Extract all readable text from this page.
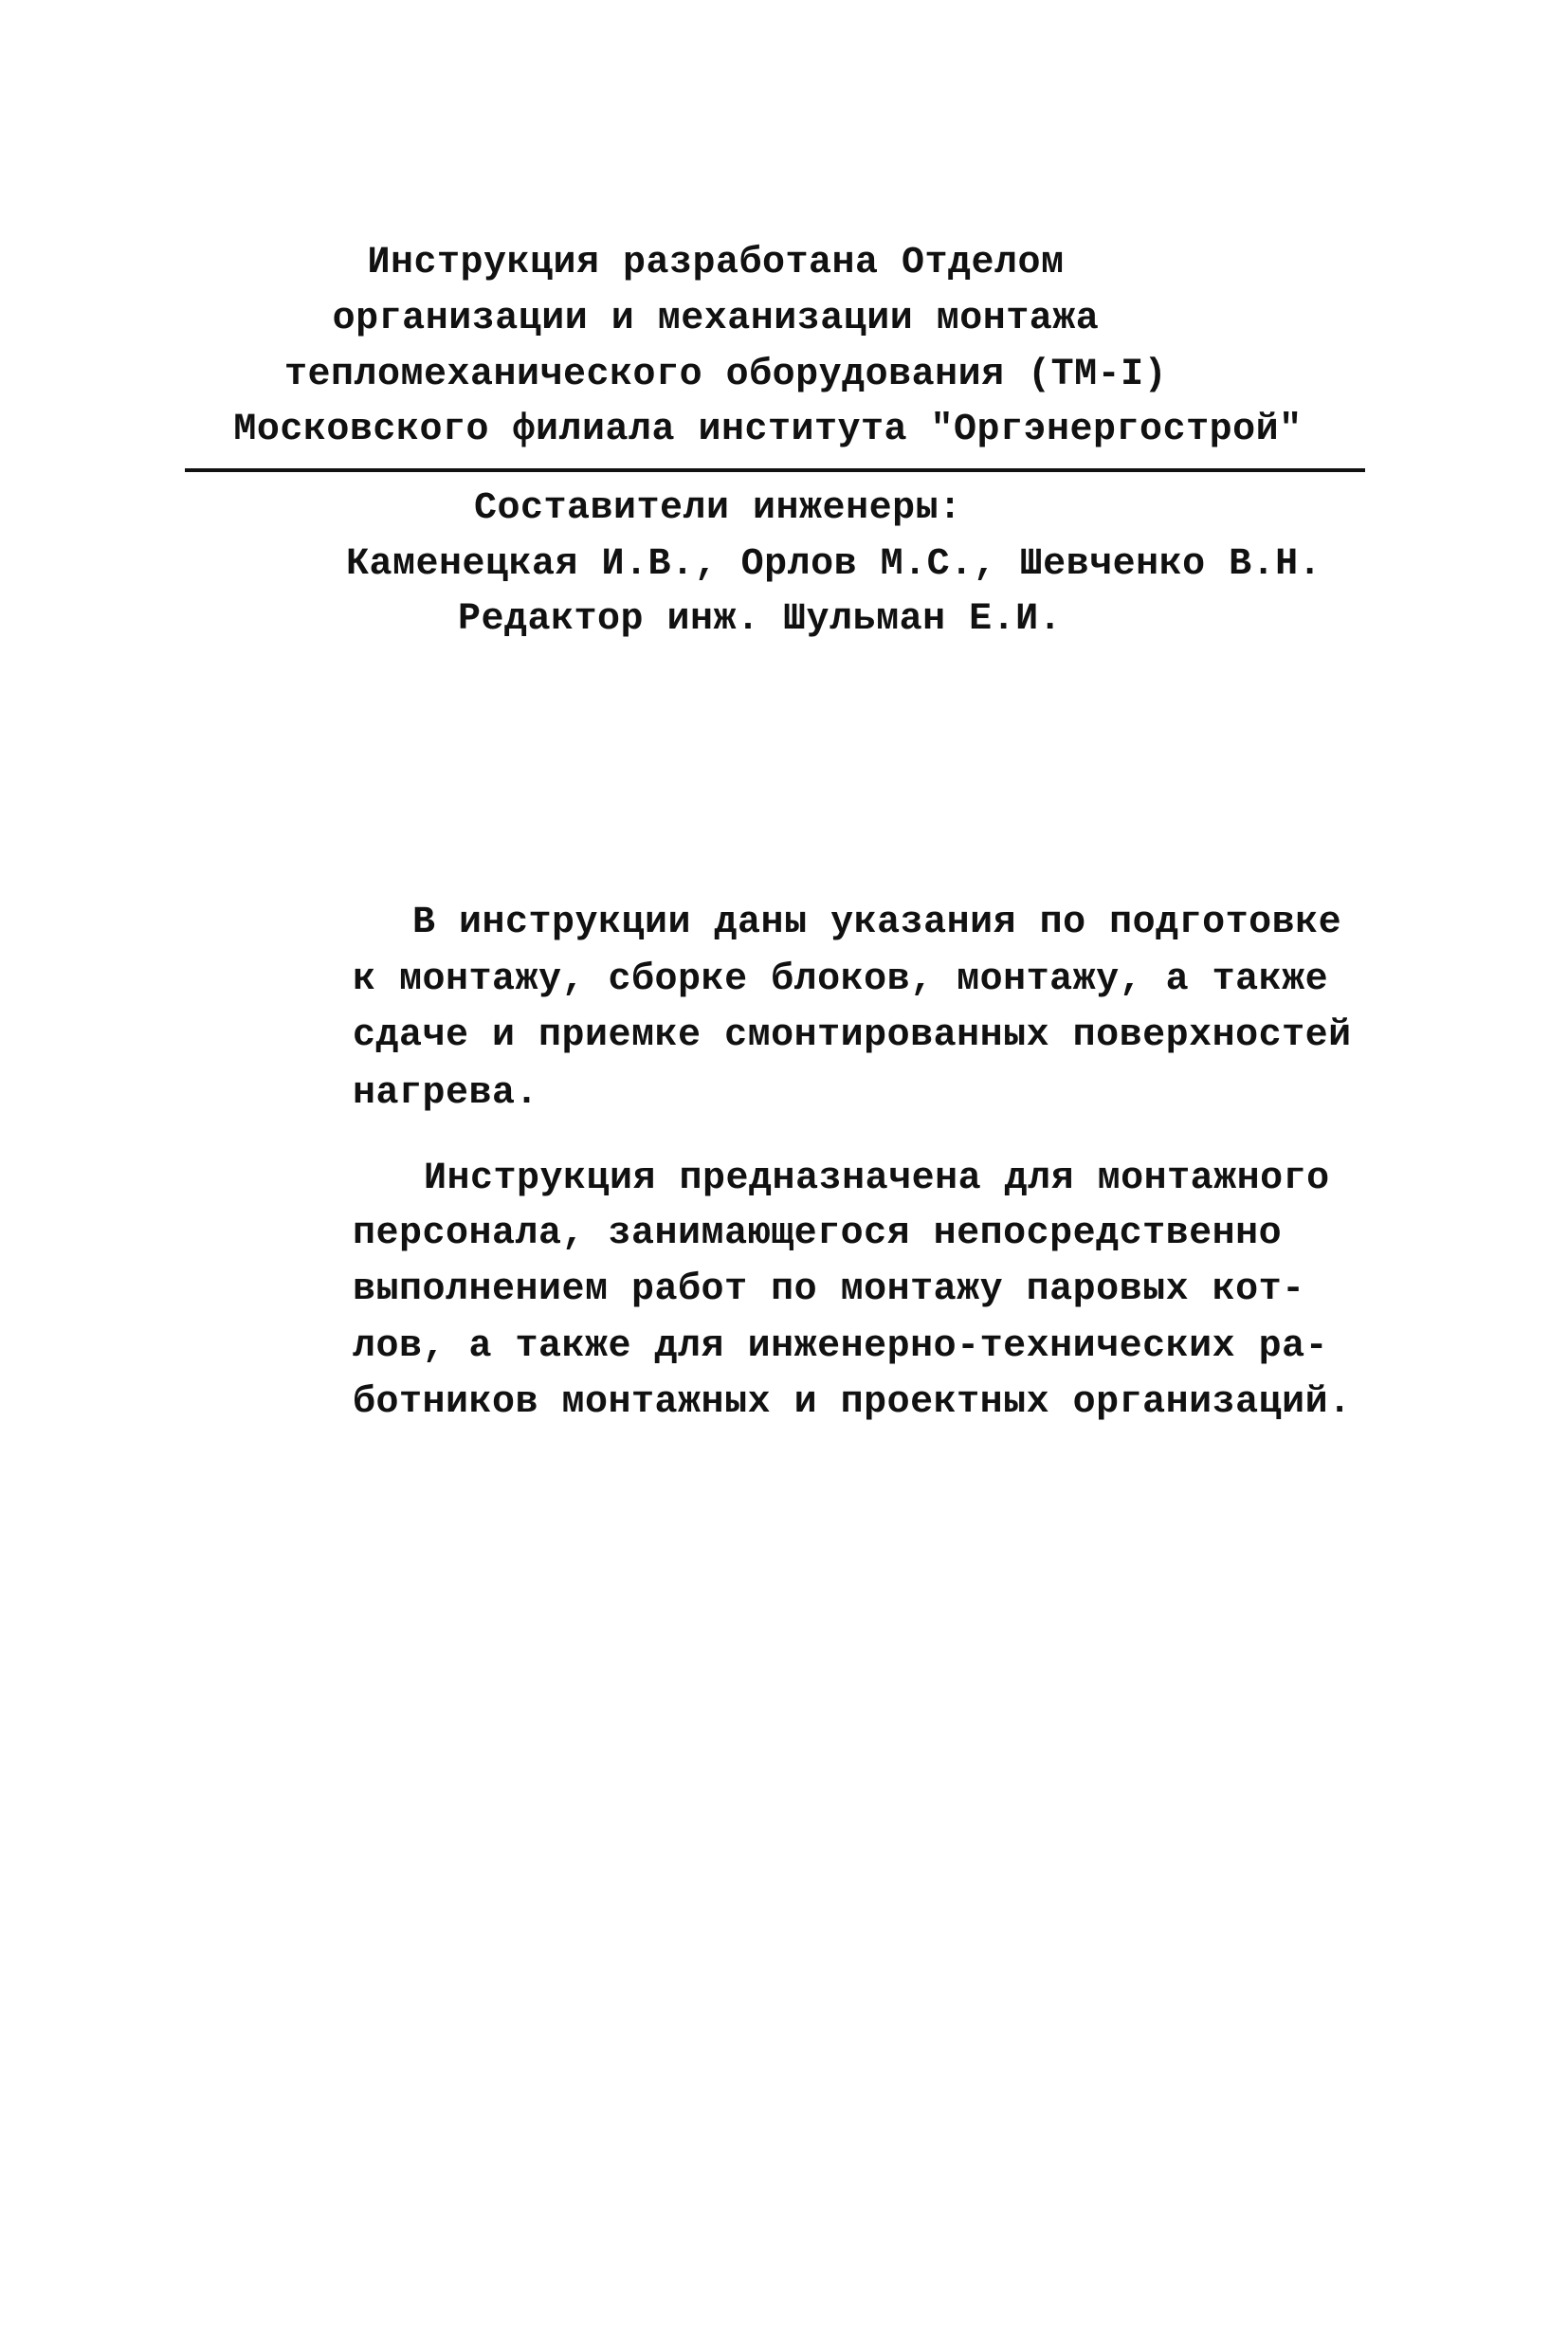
Инструкция разработана Отделом
организации и механизации монтажа
тепломеханического оборудования (ТМ-I)
Московского филиала института "Оргэнергострой"
Составители инженеры:
Каменецкая И.В., Орлов М.С., Шевченко В.Н.
Редактор инж. Шульман Е.И.
В инструкции даны указания по подготовке
к монтажу, сборке блоков, монтажу, а также
сдаче и приемке смонтированных поверхностей
нагрева.
Инструкция предназначена для монтажного
персонала, занимающегося непосредственно
выполнением работ по монтажу паровых кот-
лов, а также для инженерно-технических ра-
ботников монтажных и проектных организаций.
